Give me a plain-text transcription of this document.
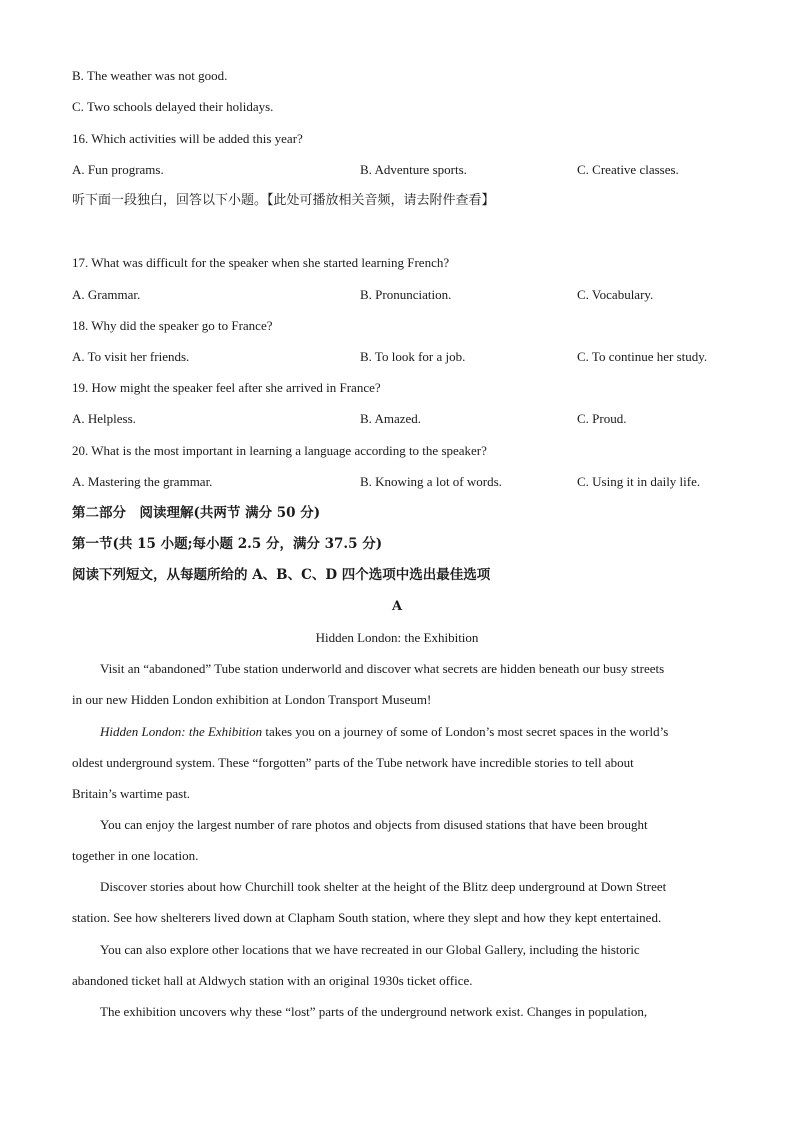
B. The weather was not good.
C. Two schools delayed their holidays.
16. Which activities will be added this year?
A. Fun programs.	B. Adventure sports.	C. Creative classes.
听下面一段独白，回答以下小题。【此处可播放相关音频，请去附件查看】
17. What was difficult for the speaker when she started learning French?
A. Grammar.	B. Pronunciation.	C. Vocabulary.
18. Why did the speaker go to France?
A. To visit her friends.	B. To look for a job.	C. To continue her study.
19. How might the speaker feel after she arrived in France?
A. Helpless.	B. Amazed.	C. Proud.
20. What is the most important in learning a language according to the speaker?
A. Mastering the grammar.	B. Knowing a lot of words.	C. Using it in daily life.
第二部分　阅读理解(共两节 满分 50 分)
第一节(共 15 小题;每小题 2.5 分，满分 37.5 分)
阅读下列短文，从每题所给的 A、B、C、D 四个选项中选出最佳选项
A
Hidden London: the Exhibition
Visit an “abandoned” Tube station underworld and discover what secrets are hidden beneath our busy streets
in our new Hidden London exhibition at London Transport Museum!
Hidden London: the Exhibition takes you on a journey of some of London’s most secret spaces in the world’s
oldest underground system. These “forgotten” parts of the Tube network have incredible stories to tell about
Britain’s wartime past.
You can enjoy the largest number of rare photos and objects from disused stations that have been brought
together in one location.
Discover stories about how Churchill took shelter at the height of the Blitz deep underground at Down Street
station. See how shelterers lived down at Clapham South station, where they slept and how they kept entertained.
You can also explore other locations that we have recreated in our Global Gallery, including the historic
abandoned ticket hall at Aldwych station with an original 1930s ticket office.
The exhibition uncovers why these “lost” parts of the underground network exist. Changes in population,
